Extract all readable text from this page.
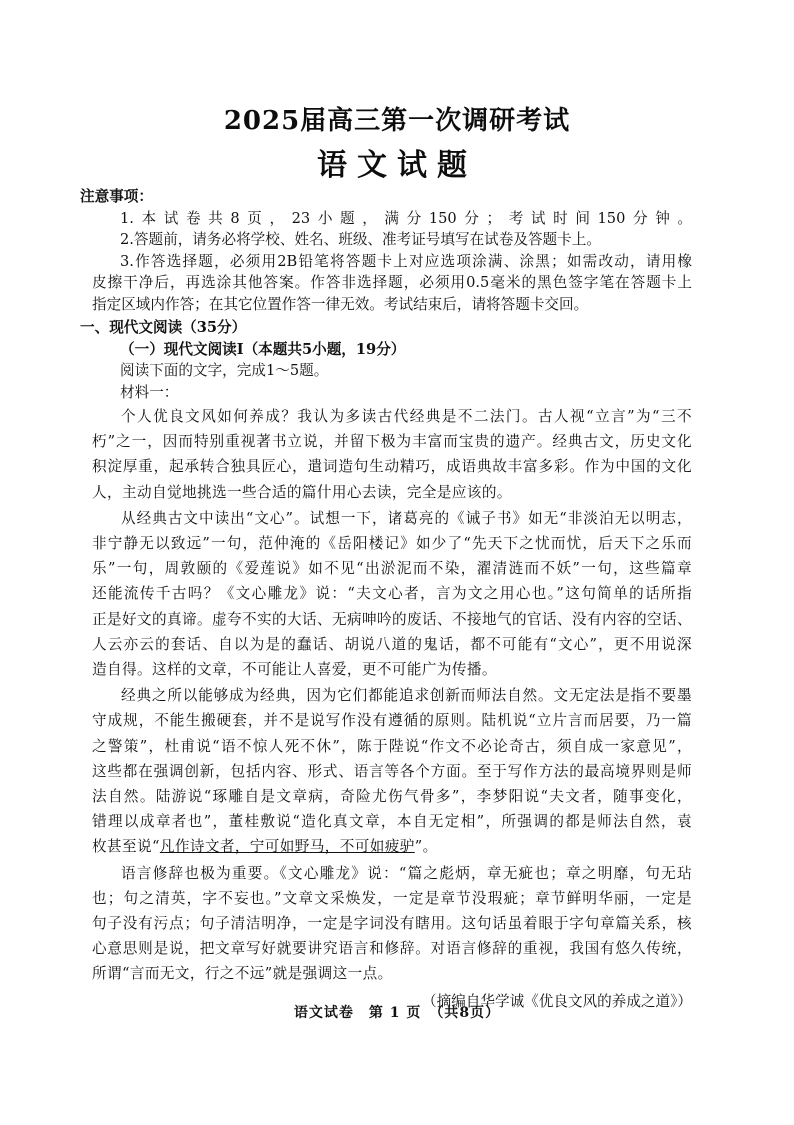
2025届高三第一次调研考试
语文试题
注意事项：
1.本试卷共8页，23小题，满分150分；考试时间150分钟。
2.答题前，请务必将学校、姓名、班级、准考证号填写在试卷及答题卡上。
3.作答选择题，必须用2B铅笔将答题卡上对应选项涂满、涂黑；如需改动，请用橡
皮擦干净后，再选涂其他答案。作答非选择题，必须用0.5毫米的黑色签字笔在答题卡上
指定区域内作答；在其它位置作答一律无效。考试结束后，请将答题卡交回。
一、现代文阅读（35分）
（一）现代文阅读Ⅰ（本题共5小题，19分）
阅读下面的文字，完成1～5题。
材料一：
个人优良文风如何养成？我认为多读古代经典是不二法门。古人视“立言”为“三不
朽”之一，因而特别重视著书立说，并留下极为丰富而宝贵的遗产。经典古文，历史文化
积淀厚重，起承转合独具匠心，遣词造句生动精巧，成语典故丰富多彩。作为中国的文化
人，主动自觉地挑选一些合适的篇什用心去读，完全是应该的。
从经典古文中读出“文心”。试想一下，诸葛亮的《诫子书》如无“非淡泊无以明志，
非宁静无以致远”一句，范仲淹的《岳阳楼记》如少了“先天下之忧而忧，后天下之乐而
乐”一句，周敦颐的《爱莲说》如不见“出淤泥而不染，濯清涟而不妖”一句，这些篇章
还能流传千古吗？《文心雕龙》说：“夫文心者，言为文之用心也。”这句简单的话所指
正是好文的真谛。虚夸不实的大话、无病呻吟的废话、不接地气的官话、没有内容的空话、
人云亦云的套话、自以为是的蠢话、胡说八道的鬼话，都不可能有“文心”，更不用说深
造自得。这样的文章，不可能让人喜爱，更不可能广为传播。
经典之所以能够成为经典，因为它们都能追求创新而师法自然。文无定法是指不要墨
守成规，不能生搬硬套，并不是说写作没有遵循的原则。陆机说“立片言而居要，乃一篇
之警策”，杜甫说“语不惊人死不休”，陈于陛说“作文不必论奇古，须自成一家意见”，
这些都在强调创新，包括内容、形式、语言等各个方面。至于写作方法的最高境界则是师
法自然。陆游说“琢雕自是文章病，奇险尤伤气骨多”，李梦阳说“夫文者，随事变化，
错理以成章者也”，董桂敷说“造化真文章，本自无定相”，所强调的都是师法自然，袁
枚甚至说“凡作诗文者，宁可如野马，不可如疲驴”。
语言修辞也极为重要。《文心雕龙》说：“篇之彪炳，章无疵也；章之明靡，句无玷
也；句之清英，字不妄也。”文章文采焕发，一定是章节没瑕疵；章节鲜明华丽，一定是
句子没有污点；句子清洁明净，一定是字词没有瞎用。这句话虽着眼于字句章篇关系，核
心意思则是说，把文章写好就要讲究语言和修辞。对语言修辞的重视，我国有悠久传统，
所谓“言而无文，行之不远”就是强调这一点。
（摘编自华学诚《优良文风的养成之道》）
语文试卷　第 1 页　（共8页）
